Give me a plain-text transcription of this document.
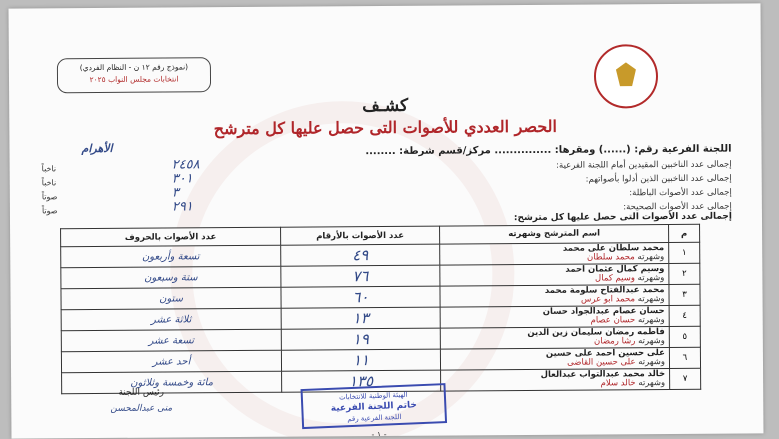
(نموذج رقم ١٢ ن - النظام الفردي)
انتخابات مجلس النواب ٢٠٢٥
كشـف
الحصر العددي للأصوات التى حصل عليها كل مترشح
اللجنة الفرعية رقم: (......) ومقرها: ............... مركز/قسم شرطة: ........
الأهرام
إجمالى عدد الناخبين المقيدين أمام اللجنة الفرعية:
٢٤٥٨
ناخباً
إجمالى عدد الناخبين الذين أدلوا بأصواتهم:
٣٠١
ناخباً
إجمالى عدد الأصوات الباطلة:
٣
صوتاً
إجمالى عدد الأصوات الصحيحة:
٢٩١
صوتاً
إجمالى عدد الأصوات التى حصل عليها كل مترشح:
م	اسم المترشح وشهرته	عدد الأصوات بالأرقام	عدد الأصوات بالحروف
١	محمد سلطان على محمد
وشهرته محمد سلطان	٤٩	تسعة وأربعون
٢	وسيم كمال عثمان احمد
وشهرته وسيم كمال	٧٦	ستة وسبعون
٣	محمد عبدالفتاح سلومة محمد
وشهرته محمد ابو عرس	٦٠	ستون
٤	حسان عصام عبدالجواد حسان
وشهرته حسان عصام	١٣	ثلاثة عشر
٥	فاطمه رمضان سليمان زين الدين
وشهرته رشا رمضان	١٩	تسعة عشر
٦	على حسين احمد على حسين
وشهرته على حسين القاضى	١١	أحد عشر
٧	خالد محمد عبدالتواب عبدالعال
وشهرته خالد سلام	١٣٥	مائة وخمسة وثلاثون
رئيس اللجنة
منى عبدالمحسن
الهيئة الوطنية للانتخابات
خاتم اللجنة الفرعية
اللجنة الفرعية رقم
- ١ -
